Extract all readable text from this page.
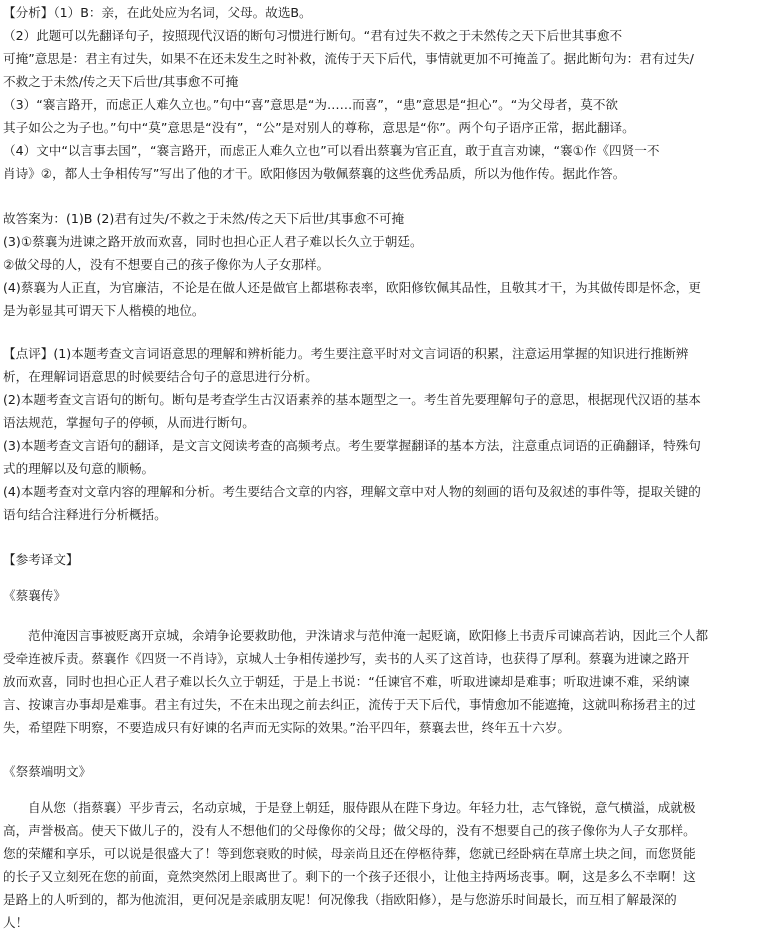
【分析】（1）B：亲，在此处应为名词，父母。故选B。
（2）此题可以先翻译句子，按照现代汉语的断句习惯进行断句。“君有过失不救之于未然传之天下后世其事愈不
可掩”意思是：君主有过失，如果不在还未发生之时补救，流传于天下后代，事情就更加不可掩盖了。据此断句为：君有过失/
不救之于未然/传之天下后世/其事愈不可掩
（3）“褰言路开，而虑正人难久立也。”句中“喜”意思是“为……而喜”，“患”意思是“担心”。“为父母者，莫不欲
其子如公之为子也。”句中“莫”意思是“没有”，“公”是对别人的尊称，意思是“你”。两个句子语序正常，据此翻译。
（4）文中“以言事去国”，“褰言路开，而虑正人难久立也”可以看出蔡襄为官正直，敢于直言劝谏，“褰①作《四贤一不
肖诗》②，都人士争相传写”写出了他的才干。欧阳修因为敬佩蔡襄的这些优秀品质，所以为他作传。据此作答。
故答案为：(1)B (2)君有过失/不救之于未然/传之天下后世/其事愈不可掩
(3)①蔡襄为进谏之路开放而欢喜，同时也担心正人君子难以长久立于朝廷。
②做父母的人，没有不想要自己的孩子像你为人子女那样。
(4)蔡襄为人正直，为官廉洁，不论是在做人还是做官上都堪称表率，欧阳修钦佩其品性，且敬其才干，为其做传即是怀念，更
是为彰显其可谓天下人楷模的地位。
【点评】(1)本题考查文言词语意思的理解和辨析能力。考生要注意平时对文言词语的积累，注意运用掌握的知识进行推断辨
析，在理解词语意思的时候要结合句子的意思进行分析。
(2)本题考查文言语句的断句。断句是考查学生古汉语素养的基本题型之一。考生首先要理解句子的意思，根据现代汉语的基本
语法规范，掌握句子的停顿，从而进行断句。
(3)本题考查文言语句的翻译，是文言文阅读考查的高频考点。考生要掌握翻译的基本方法，注意重点词语的正确翻译，特殊句
式的理解以及句意的顺畅。
(4)本题考查对文章内容的理解和分析。考生要结合文章的内容，理解文章中对人物的刻画的语句及叙述的事件等，提取关键的
语句结合注释进行分析概括。
【参考译文】
《蔡襄传》
范仲淹因言事被贬离开京城，余靖争论要救助他，尹洙请求与范仲淹一起贬谪，欧阳修上书责斥司谏高若讷，因此三个人都
受牵连被斥责。蔡襄作《四贤一不肖诗》，京城人士争相传递抄写，卖书的人买了这首诗，也获得了厚利。蔡襄为进谏之路开
放而欢喜，同时也担心正人君子难以长久立于朝廷，于是上书说：“任谏官不难，听取进谏却是难事；听取进谏不难，采纳谏
言、按谏言办事却是难事。君主有过失，不在未出现之前去纠正，流传于天下后代，事情愈加不能遮掩，这就叫称扬君主的过
失，希望陛下明察，不要造成只有好谏的名声而无实际的效果。”治平四年，蔡襄去世，终年五十六岁。
《祭蔡端明文》
自从您（指蔡襄）平步青云，名动京城，于是登上朝廷，服侍跟从在陛下身边。年轻力壮，志气锋锐，意气横溢，成就极
高，声誉极高。使天下做儿子的，没有人不想他们的父母像你的父母；做父母的，没有不想要自己的孩子像你为人子女那样。
您的荣耀和享乐，可以说是很盛大了！等到您衰败的时候，母亲尚且还在停柩待葬，您就已经卧病在草席土块之间，而您贤能
的长子又立刻死在您的前面，竟然突然闭上眼离世了。剩下的一个孩子还很小，让他主持两场丧事。啊，这是多么不幸啊！这
是路上的人听到的，都为他流泪，更何况是亲戚朋友呢！何况像我（指欧阳修），是与您游乐时间最长，而互相了解最深的
人！
